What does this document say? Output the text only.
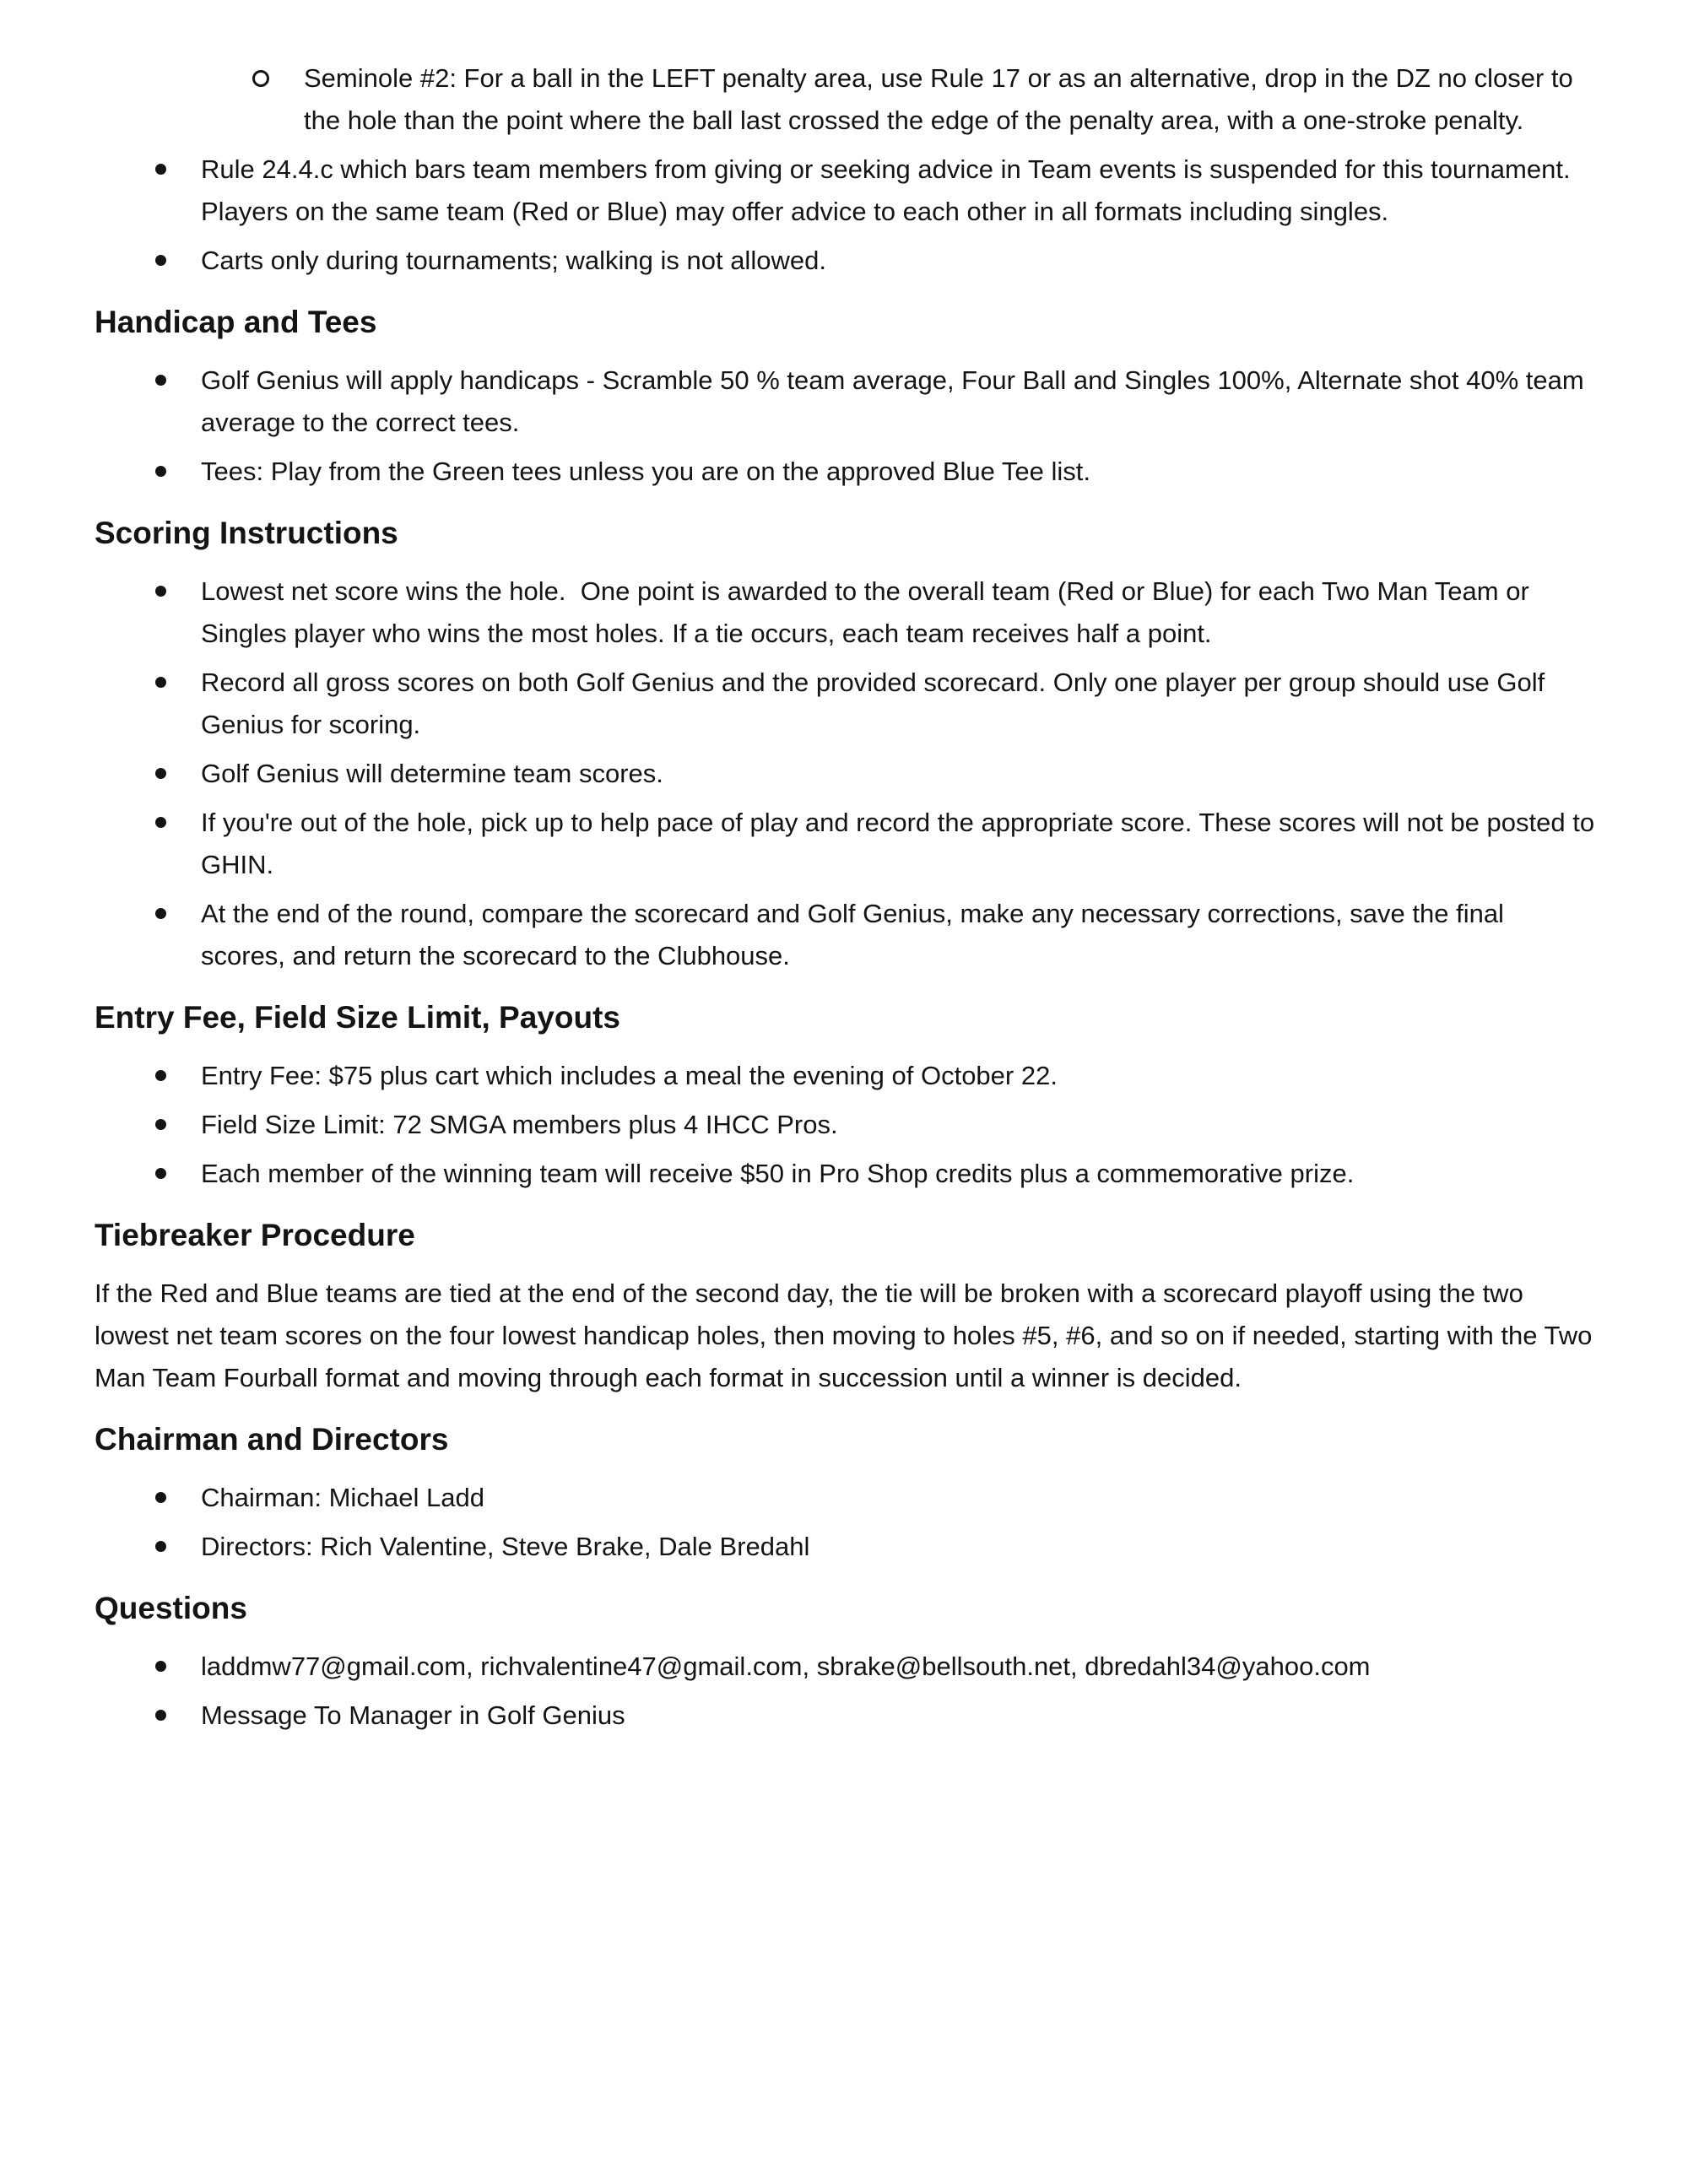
Seminole #2: For a ball in the LEFT penalty area, use Rule 17 or as an alternative, drop in the DZ no closer to the hole than the point where the ball last crossed the edge of the penalty area, with a one-stroke penalty.
Rule 24.4.c which bars team members from giving or seeking advice in Team events is suspended for this tournament.  Players on the same team (Red or Blue) may offer advice to each other in all formats including singles.
Carts only during tournaments; walking is not allowed.
Handicap and Tees
Golf Genius will apply handicaps - Scramble 50 % team average, Four Ball and Singles 100%, Alternate shot 40% team average to the correct tees.
Tees: Play from the Green tees unless you are on the approved Blue Tee list.
Scoring Instructions
Lowest net score wins the hole.  One point is awarded to the overall team (Red or Blue) for each Two Man Team or Singles player who wins the most holes. If a tie occurs, each team receives half a point.
Record all gross scores on both Golf Genius and the provided scorecard. Only one player per group should use Golf Genius for scoring.
Golf Genius will determine team scores.
If you're out of the hole, pick up to help pace of play and record the appropriate score. These scores will not be posted to GHIN.
At the end of the round, compare the scorecard and Golf Genius, make any necessary corrections, save the final scores, and return the scorecard to the Clubhouse.
Entry Fee, Field Size Limit, Payouts
Entry Fee: $75 plus cart which includes a meal the evening of October 22.
Field Size Limit: 72 SMGA members plus 4 IHCC Pros.
Each member of the winning team will receive $50 in Pro Shop credits plus a commemorative prize.
Tiebreaker Procedure

If the Red and Blue teams are tied at the end of the second day, the tie will be broken with a scorecard playoff using the two lowest net team scores on the four lowest handicap holes, then moving to holes #5, #6, and so on if needed, starting with the Two Man Team Fourball format and moving through each format in succession until a winner is decided.

Chairman and Directors
Chairman: Michael Ladd
Directors: Rich Valentine, Steve Brake, Dale Bredahl
Questions
laddmw77@gmail.com, richvalentine47@gmail.com, sbrake@bellsouth.net, dbredahl34@yahoo.com
Message To Manager in Golf Genius
